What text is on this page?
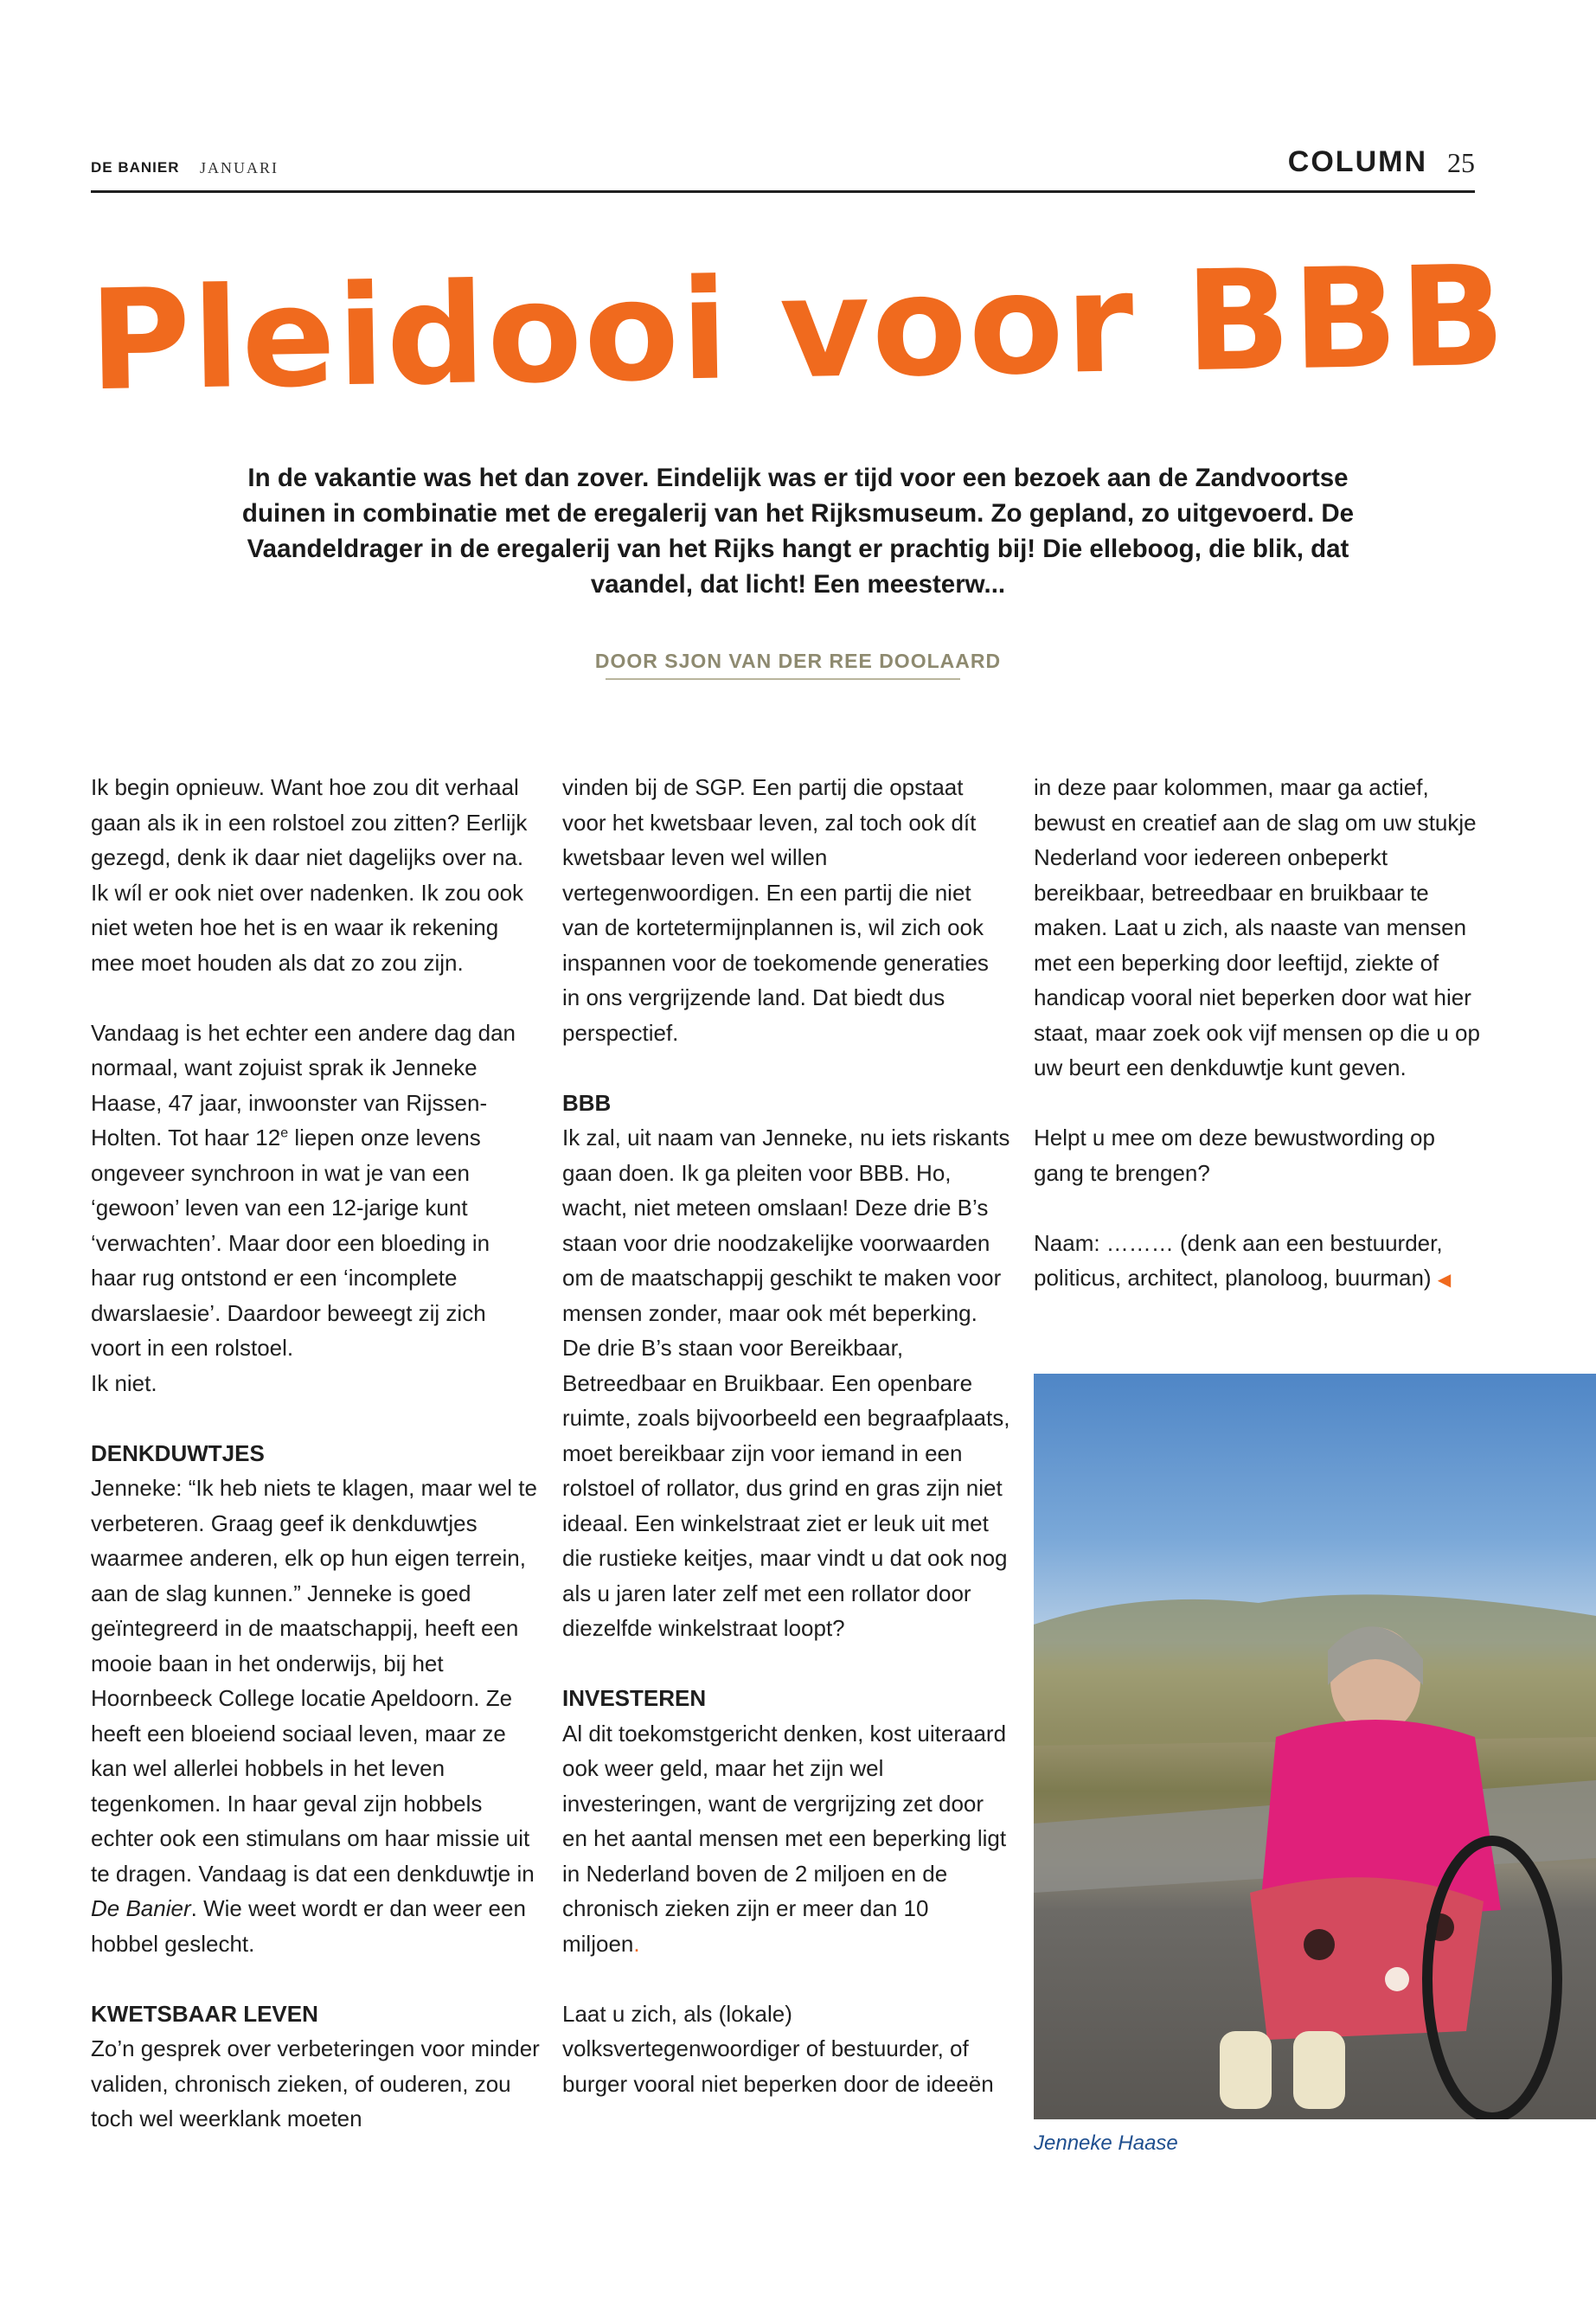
DE BANIER JANUARI	COLUMN 25
Pleidooi voor BBB
In de vakantie was het dan zover. Eindelijk was er tijd voor een bezoek aan de Zandvoortse duinen in combinatie met de eregalerij van het Rijksmuseum. Zo gepland, zo uitgevoerd. De Vaandeldrager in de eregalerij van het Rijks hangt er prachtig bij! Die elleboog, die blik, dat vaandel, dat licht! Een meesterw...
DOOR SJON VAN DER REE DOOLAARD

Ik begin opnieuw. Want hoe zou dit verhaal gaan als ik in een rolstoel zou zitten? Eerlijk gezegd, denk ik daar niet dagelijks over na. Ik wíl er ook niet over nadenken. Ik zou ook niet weten hoe het is en waar ik rekening mee moet houden als dat zo zou zijn.

Vandaag is het echter een andere dag dan normaal, want zojuist sprak ik Jenneke Haase, 47 jaar, inwoonster van Rijssen-Holten. Tot haar 12e liepen onze levens ongeveer synchroon in wat je van een ‘gewoon’ leven van een 12-jarige kunt ‘verwachten’. Maar door een bloeding in haar rug ontstond er een ‘incomplete dwarslaesie’. Daardoor beweegt zij zich voort in een rolstoel.

Ik niet.

DENKDUWTJES

Jenneke: “Ik heb niets te klagen, maar wel te verbeteren. Graag geef ik denkduwtjes waarmee anderen, elk op hun eigen terrein, aan de slag kunnen.” Jenneke is goed geïntegreerd in de maatschappij, heeft een mooie baan in het onderwijs, bij het Hoornbeeck College locatie Apeldoorn. Ze heeft een bloeiend sociaal leven, maar ze kan wel allerlei hobbels in het leven tegenkomen. In haar geval zijn hobbels echter ook een stimulans om haar missie uit te dragen. Vandaag is dat een denkduwtje in De Banier. Wie weet wordt er dan weer een hobbel geslecht.

KWETSBAAR LEVEN

Zo’n gesprek over verbeteringen voor minder validen, chronisch zieken, of ouderen, zou toch wel weerklank moeten

vinden bij de SGP. Een partij die opstaat voor het kwetsbaar leven, zal toch ook dít kwetsbaar leven wel willen vertegenwoordigen. En een partij die niet van de kortetermijnplannen is, wil zich ook inspannen voor de toekomende generaties in ons vergrijzende land. Dat biedt dus perspectief.

BBB

Ik zal, uit naam van Jenneke, nu iets riskants gaan doen. Ik ga pleiten voor BBB. Ho, wacht, niet meteen omslaan! Deze drie B’s staan voor drie noodzakelijke voorwaarden om de maatschappij geschikt te maken voor mensen zonder, maar ook mét beperking. De drie B’s staan voor Bereikbaar, Betreedbaar en Bruikbaar. Een openbare ruimte, zoals bijvoorbeeld een begraafplaats, moet bereikbaar zijn voor iemand in een rolstoel of rollator, dus grind en gras zijn niet ideaal. Een winkelstraat ziet er leuk uit met die rustieke keitjes, maar vindt u dat ook nog als u jaren later zelf met een rollator door diezelfde winkelstraat loopt?

INVESTEREN

Al dit toekomstgericht denken, kost uiteraard ook weer geld, maar het zijn wel investeringen, want de vergrijzing zet door en het aantal mensen met een beperking ligt in Nederland boven de 2 miljoen en de chronisch zieken zijn er meer dan 10 miljoen.

Laat u zich, als (lokale) volksvertegenwoordiger of bestuurder, of burger vooral niet beperken door de ideeën

in deze paar kolommen, maar ga actief, bewust en creatief aan de slag om uw stukje Nederland voor iedereen onbeperkt bereikbaar, betreedbaar en bruikbaar te maken. Laat u zich, als naaste van mensen met een beperking door leeftijd, ziekte of handicap vooral niet beperken door wat hier staat, maar zoek ook vijf mensen op die u op uw beurt een denkduwtje kunt geven.

Helpt u mee om deze bewustwording op gang te brengen?

Naam: ……… (denk aan een bestuurder, politicus, architect, planoloog, buurman) ◀

Jenneke Haase
